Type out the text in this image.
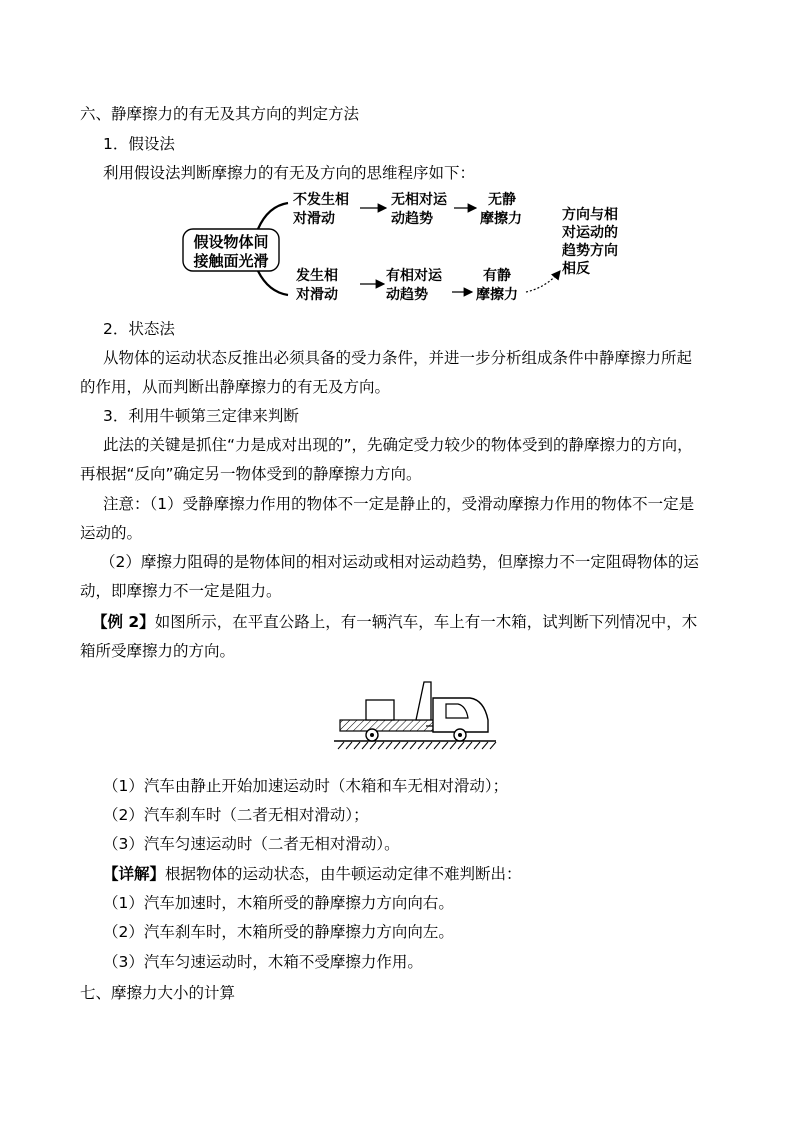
六、静摩擦力的有无及其方向的判定方法
1．假设法
利用假设法判断摩擦力的有无及方向的思维程序如下：
假设物体间
接触面光滑
不发生相
对滑动
无相对运
动趋势
无静
摩擦力	方向与相
对运动的
趋势方向
相反
发生相
对滑动
有相对运
动趋势
有静
摩擦力
2．状态法
从物体的运动状态反推出必须具备的受力条件，并进一步分析组成条件中静摩擦力所起
的作用，从而判断出静摩擦力的有无及方向。
3．利用牛顿第三定律来判断
此法的关键是抓住“力是成对出现的”，先确定受力较少的物体受到的静摩擦力的方向，
再根据“反向”确定另一物体受到的静摩擦力方向。
注意：（1）受静摩擦力作用的物体不一定是静止的，受滑动摩擦力作用的物体不一定是
运动的。
（2）摩擦力阻碍的是物体间的相对运动或相对运动趋势，但摩擦力不一定阻碍物体的运
动，即摩擦力不一定是阻力。
【例 2】如图所示，在平直公路上，有一辆汽车，车上有一木箱，试判断下列情况中，木
箱所受摩擦力的方向。
（1）汽车由静止开始加速运动时（木箱和车无相对滑动）；
（2）汽车刹车时（二者无相对滑动）；
（3）汽车匀速运动时（二者无相对滑动）。
【详解】根据物体的运动状态，由牛顿运动定律不难判断出：
（1）汽车加速时，木箱所受的静摩擦力方向向右。
（2）汽车刹车时，木箱所受的静摩擦力方向向左。
（3）汽车匀速运动时，木箱不受摩擦力作用。
七、摩擦力大小的计算
